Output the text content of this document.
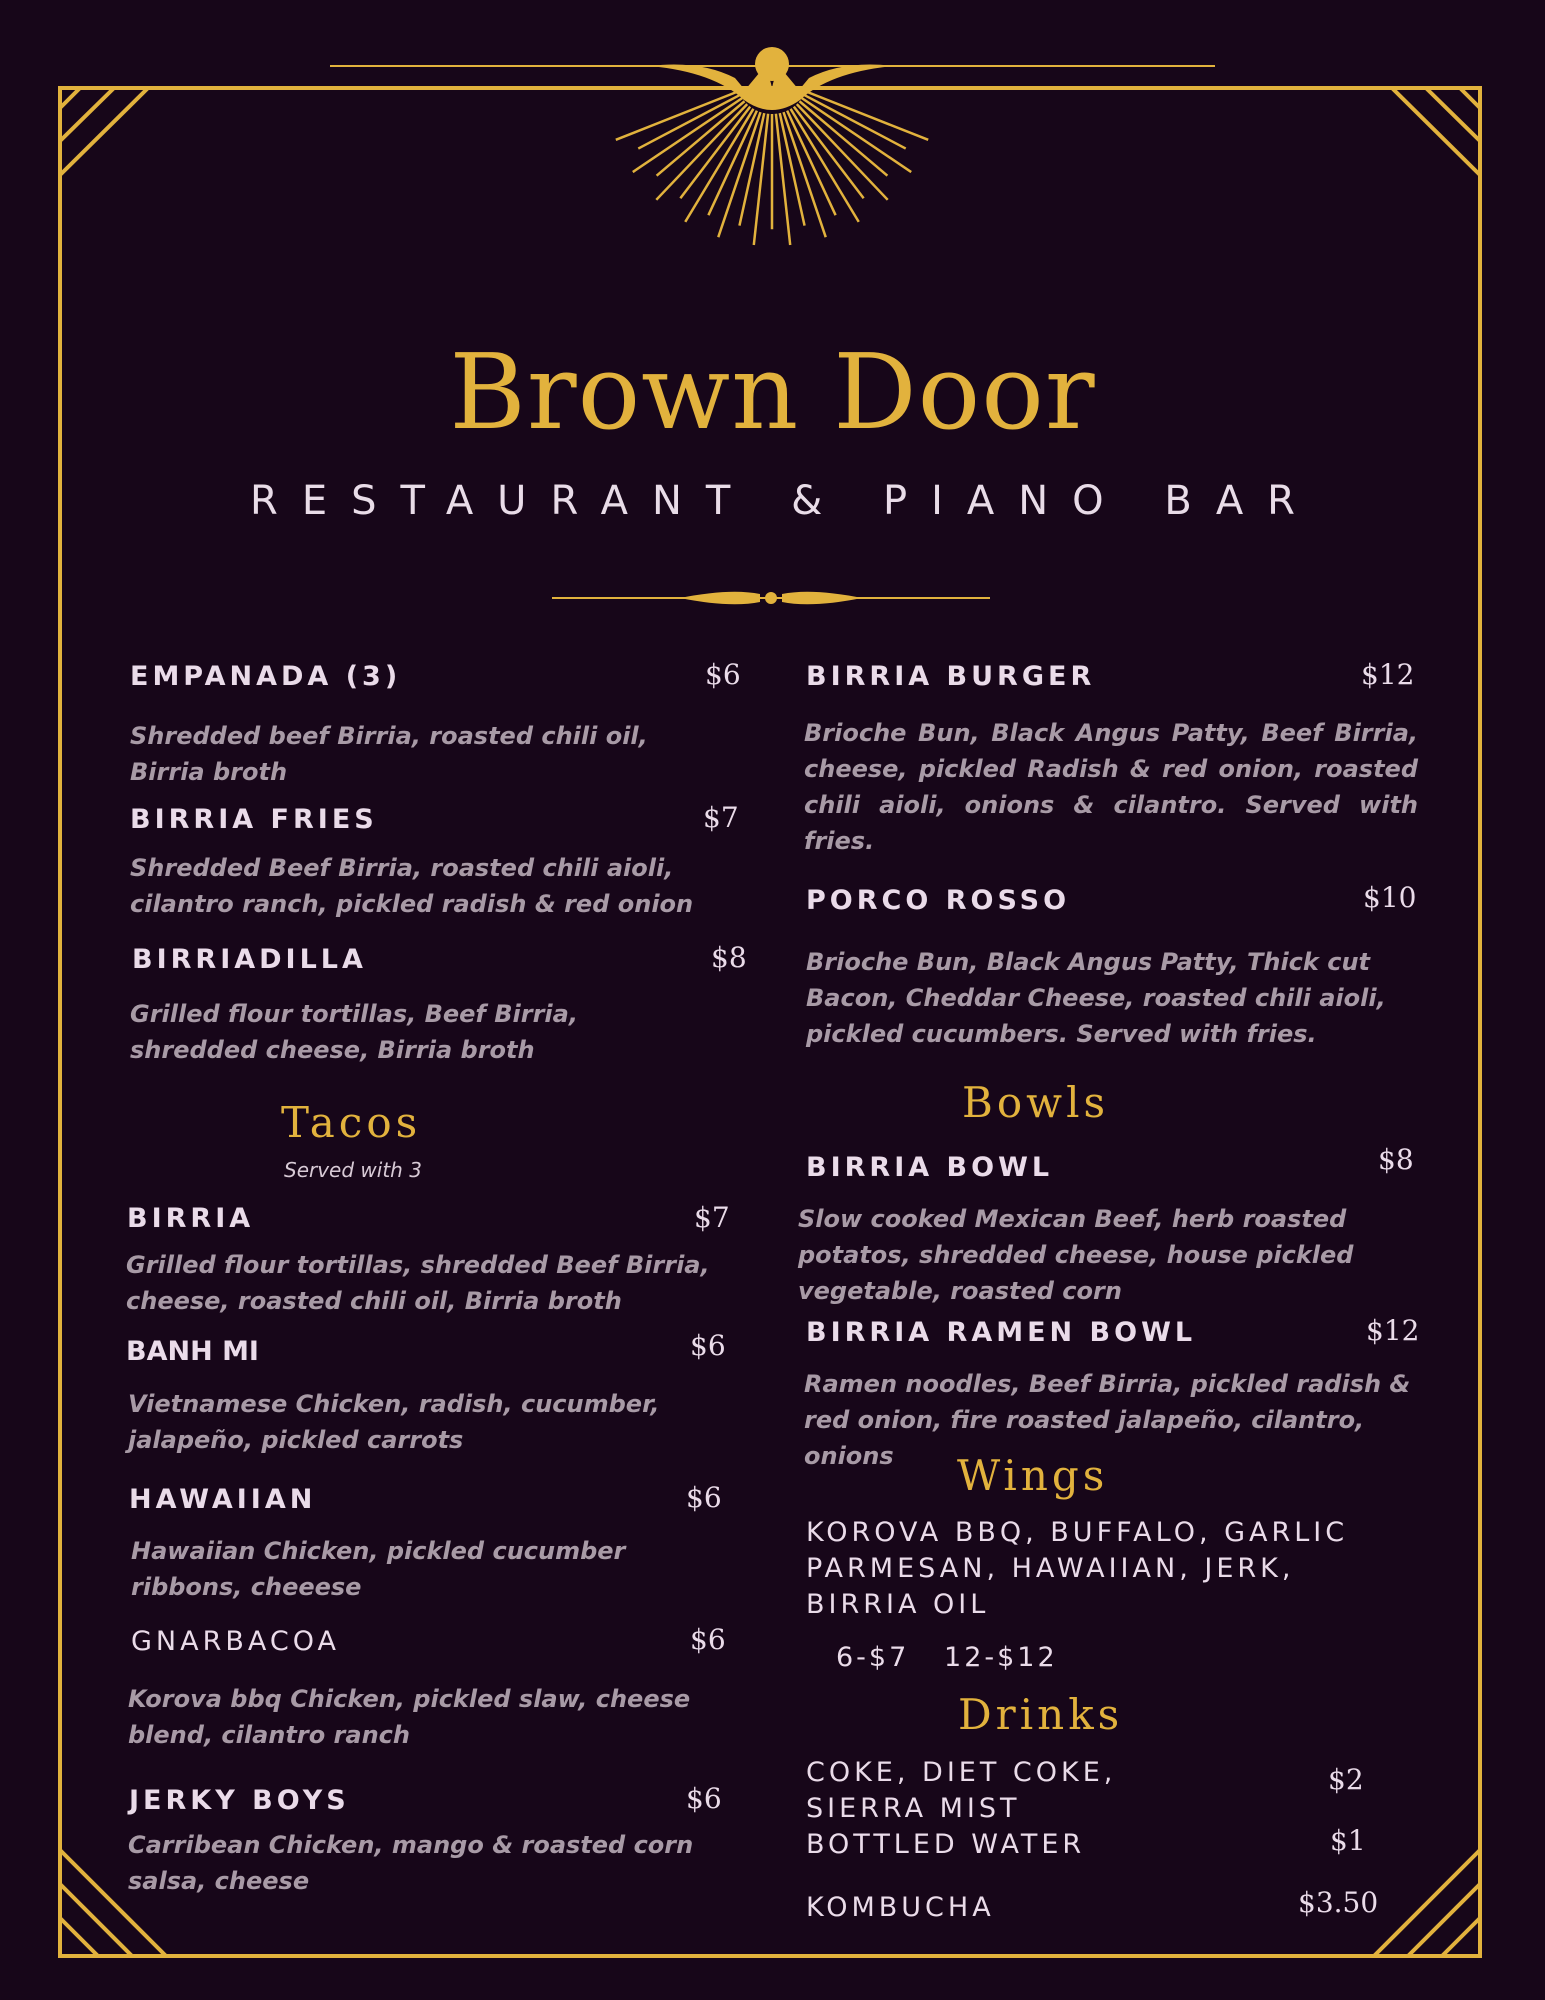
Brown Door
RESTAURANT & PIANO BAR
EMPANADA (3)	$6
Shredded beef Birria, roasted chili oil, Birria broth
BIRRIA FRIES	$7
Shredded Beef Birria, roasted chili aioli, cilantro ranch, pickled radish & red onion
BIRRIADILLA	$8
Grilled flour tortillas, Beef Birria, shredded cheese, Birria broth
Tacos
Served with 3
BIRRIA	$7
Grilled flour tortillas, shredded Beef Birria, cheese, roasted chili oil, Birria broth
BANH MI	$6
Vietnamese Chicken, radish, cucumber, jalapeño, pickled carrots
HAWAIIAN	$6
Hawaiian Chicken, pickled cucumber ribbons, cheeese
GNARBACOA	$6
Korova bbq Chicken, pickled slaw, cheese blend, cilantro ranch
JERKY BOYS	$6
Carribean Chicken, mango & roasted corn salsa, cheese
BIRRIA BURGER	$12
Brioche Bun, Black Angus Patty, Beef Birria, cheese, pickled Radish & red onion, roasted chili aioli, onions & cilantro. Served with fries.
PORCO ROSSO	$10
Brioche Bun, Black Angus Patty, Thick cut Bacon, Cheddar Cheese, roasted chili aioli, pickled cucumbers. Served with fries.
Bowls
BIRRIA BOWL	$8
Slow cooked Mexican Beef, herb roasted potatos, shredded cheese, house pickled vegetable, roasted corn
BIRRIA RAMEN BOWL	$12
Ramen noodles, Beef Birria, pickled radish & red onion, fire roasted jalapeño, cilantro, onions	Wings
KOROVA BBQ, BUFFALO, GARLIC PARMESAN, HAWAIIAN, JERK, BIRRIA OIL
6-$7   12-$12
Drinks
COKE, DIET COKE, SIERRA MIST
$2
BOTTLED WATER	$1
KOMBUCHA	$3.50
